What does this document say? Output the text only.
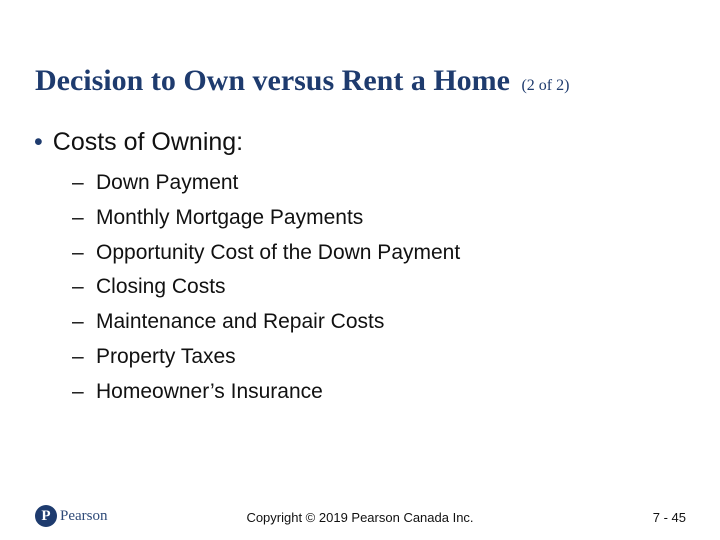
Decision to Own versus Rent a Home (2 of 2)
• Costs of Owning:
– Down Payment
– Monthly Mortgage Payments
– Opportunity Cost of the Down Payment
– Closing Costs
– Maintenance and Repair Costs
– Property Taxes
– Homeowner’s Insurance
P Pearson	Copyright © 2019 Pearson Canada Inc.	7 - 45
